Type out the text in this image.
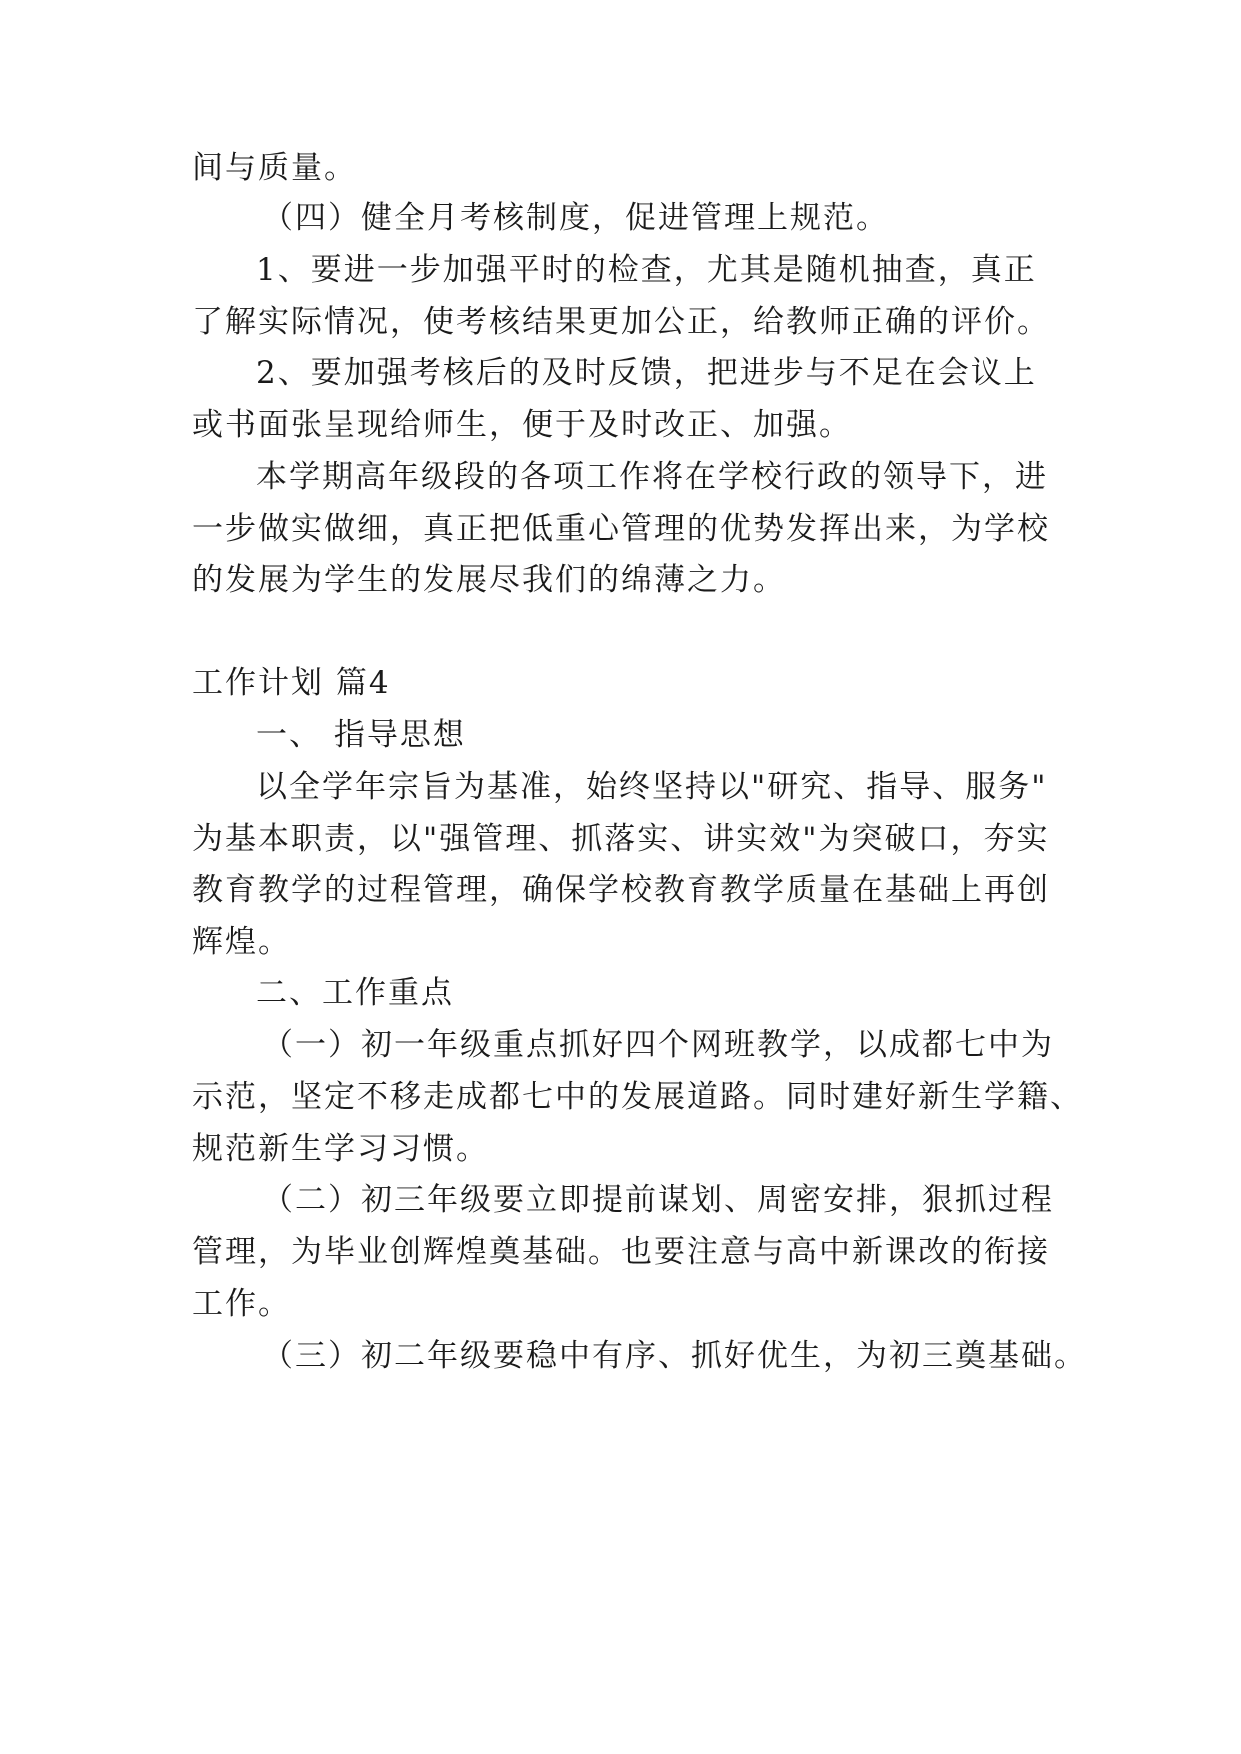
间与质量。
（四）健全月考核制度，促进管理上规范。
1、要进一步加强平时的检查，尤其是随机抽查，真正
了解实际情况，使考核结果更加公正，给教师正确的评价。
2、要加强考核后的及时反馈，把进步与不足在会议上
或书面张呈现给师生，便于及时改正、加强。
本学期高年级段的各项工作将在学校行政的领导下，进
一步做实做细，真正把低重心管理的优势发挥出来，为学校
的发展为学生的发展尽我们的绵薄之力。
工作计划 篇4
一、 指导思想
以全学年宗旨为基准，始终坚持以"研究、指导、服务"
为基本职责，以"强管理、抓落实、讲实效"为突破口，夯实
教育教学的过程管理，确保学校教育教学质量在基础上再创
辉煌。
二、工作重点
（一）初一年级重点抓好四个网班教学，以成都七中为
示范，坚定不移走成都七中的发展道路。同时建好新生学籍、
规范新生学习习惯。
（二）初三年级要立即提前谋划、周密安排，狠抓过程
管理，为毕业创辉煌奠基础。也要注意与高中新课改的衔接
工作。
（三）初二年级要稳中有序、抓好优生，为初三奠基础。
